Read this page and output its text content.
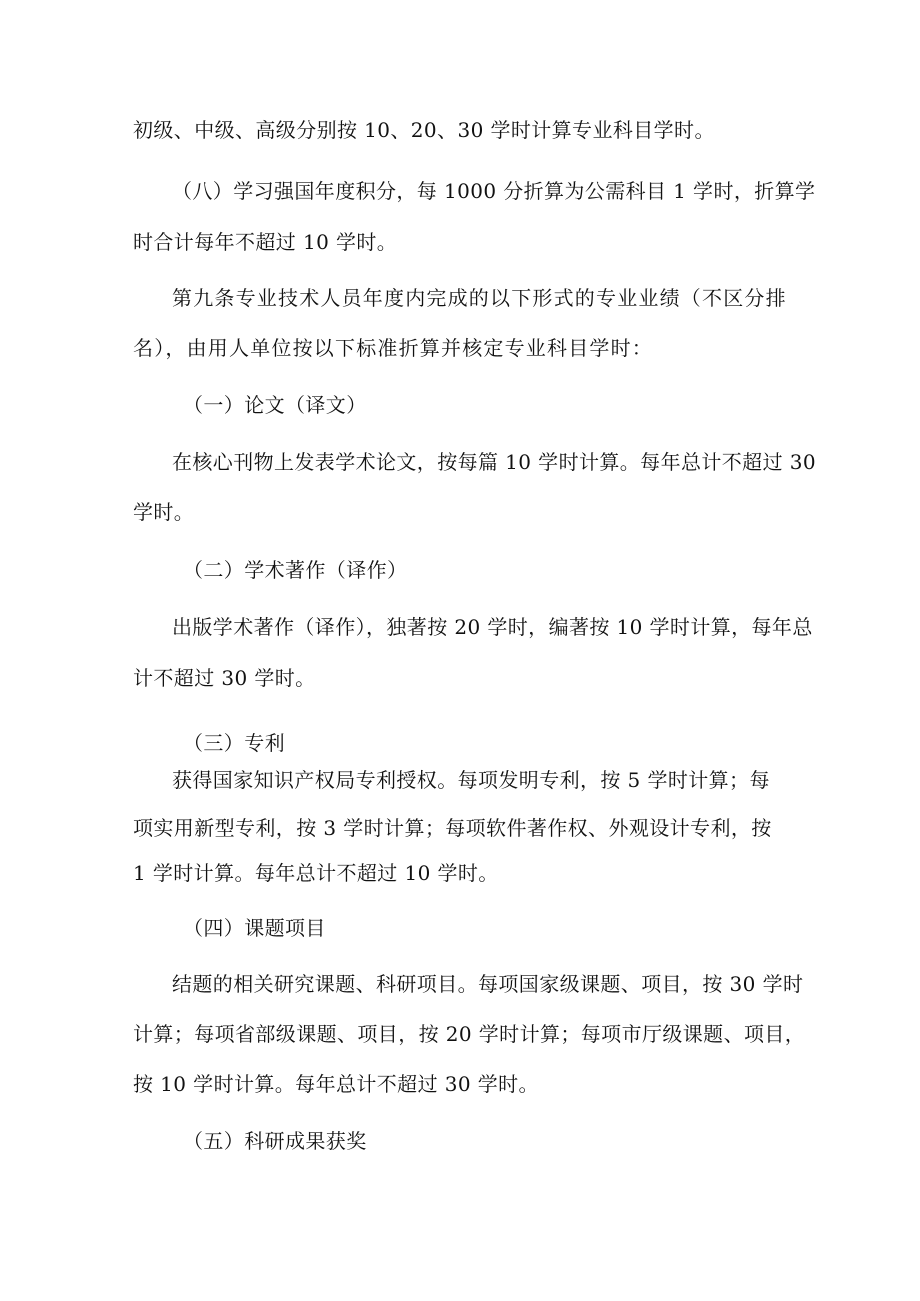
初级、中级、高级分别按 10、20、30 学时计算专业科目学时。
（八）学习强国年度积分，每 1000 分折算为公需科目 1 学时，折算学
时合计每年不超过 10 学时。
第九条专业技术人员年度内完成的以下形式的专业业绩（不区分排
名），由用人单位按以下标准折算并核定专业科目学时：
（一）论文（译文）
在核心刊物上发表学术论文，按每篇 10 学时计算。每年总计不超过 30
学时。
（二）学术著作（译作）
出版学术著作（译作），独著按 20 学时，编著按 10 学时计算，每年总
计不超过 30 学时。
（三）专利
获得国家知识产权局专利授权。每项发明专利，按 5 学时计算；每
项实用新型专利，按 3 学时计算；每项软件著作权、外观设计专利，按
1 学时计算。每年总计不超过 10 学时。
（四）课题项目
结题的相关研究课题、科研项目。每项国家级课题、项目，按 30 学时
计算；每项省部级课题、项目，按 20 学时计算；每项市厅级课题、项目，
按 10 学时计算。每年总计不超过 30 学时。
（五）科研成果获奖
